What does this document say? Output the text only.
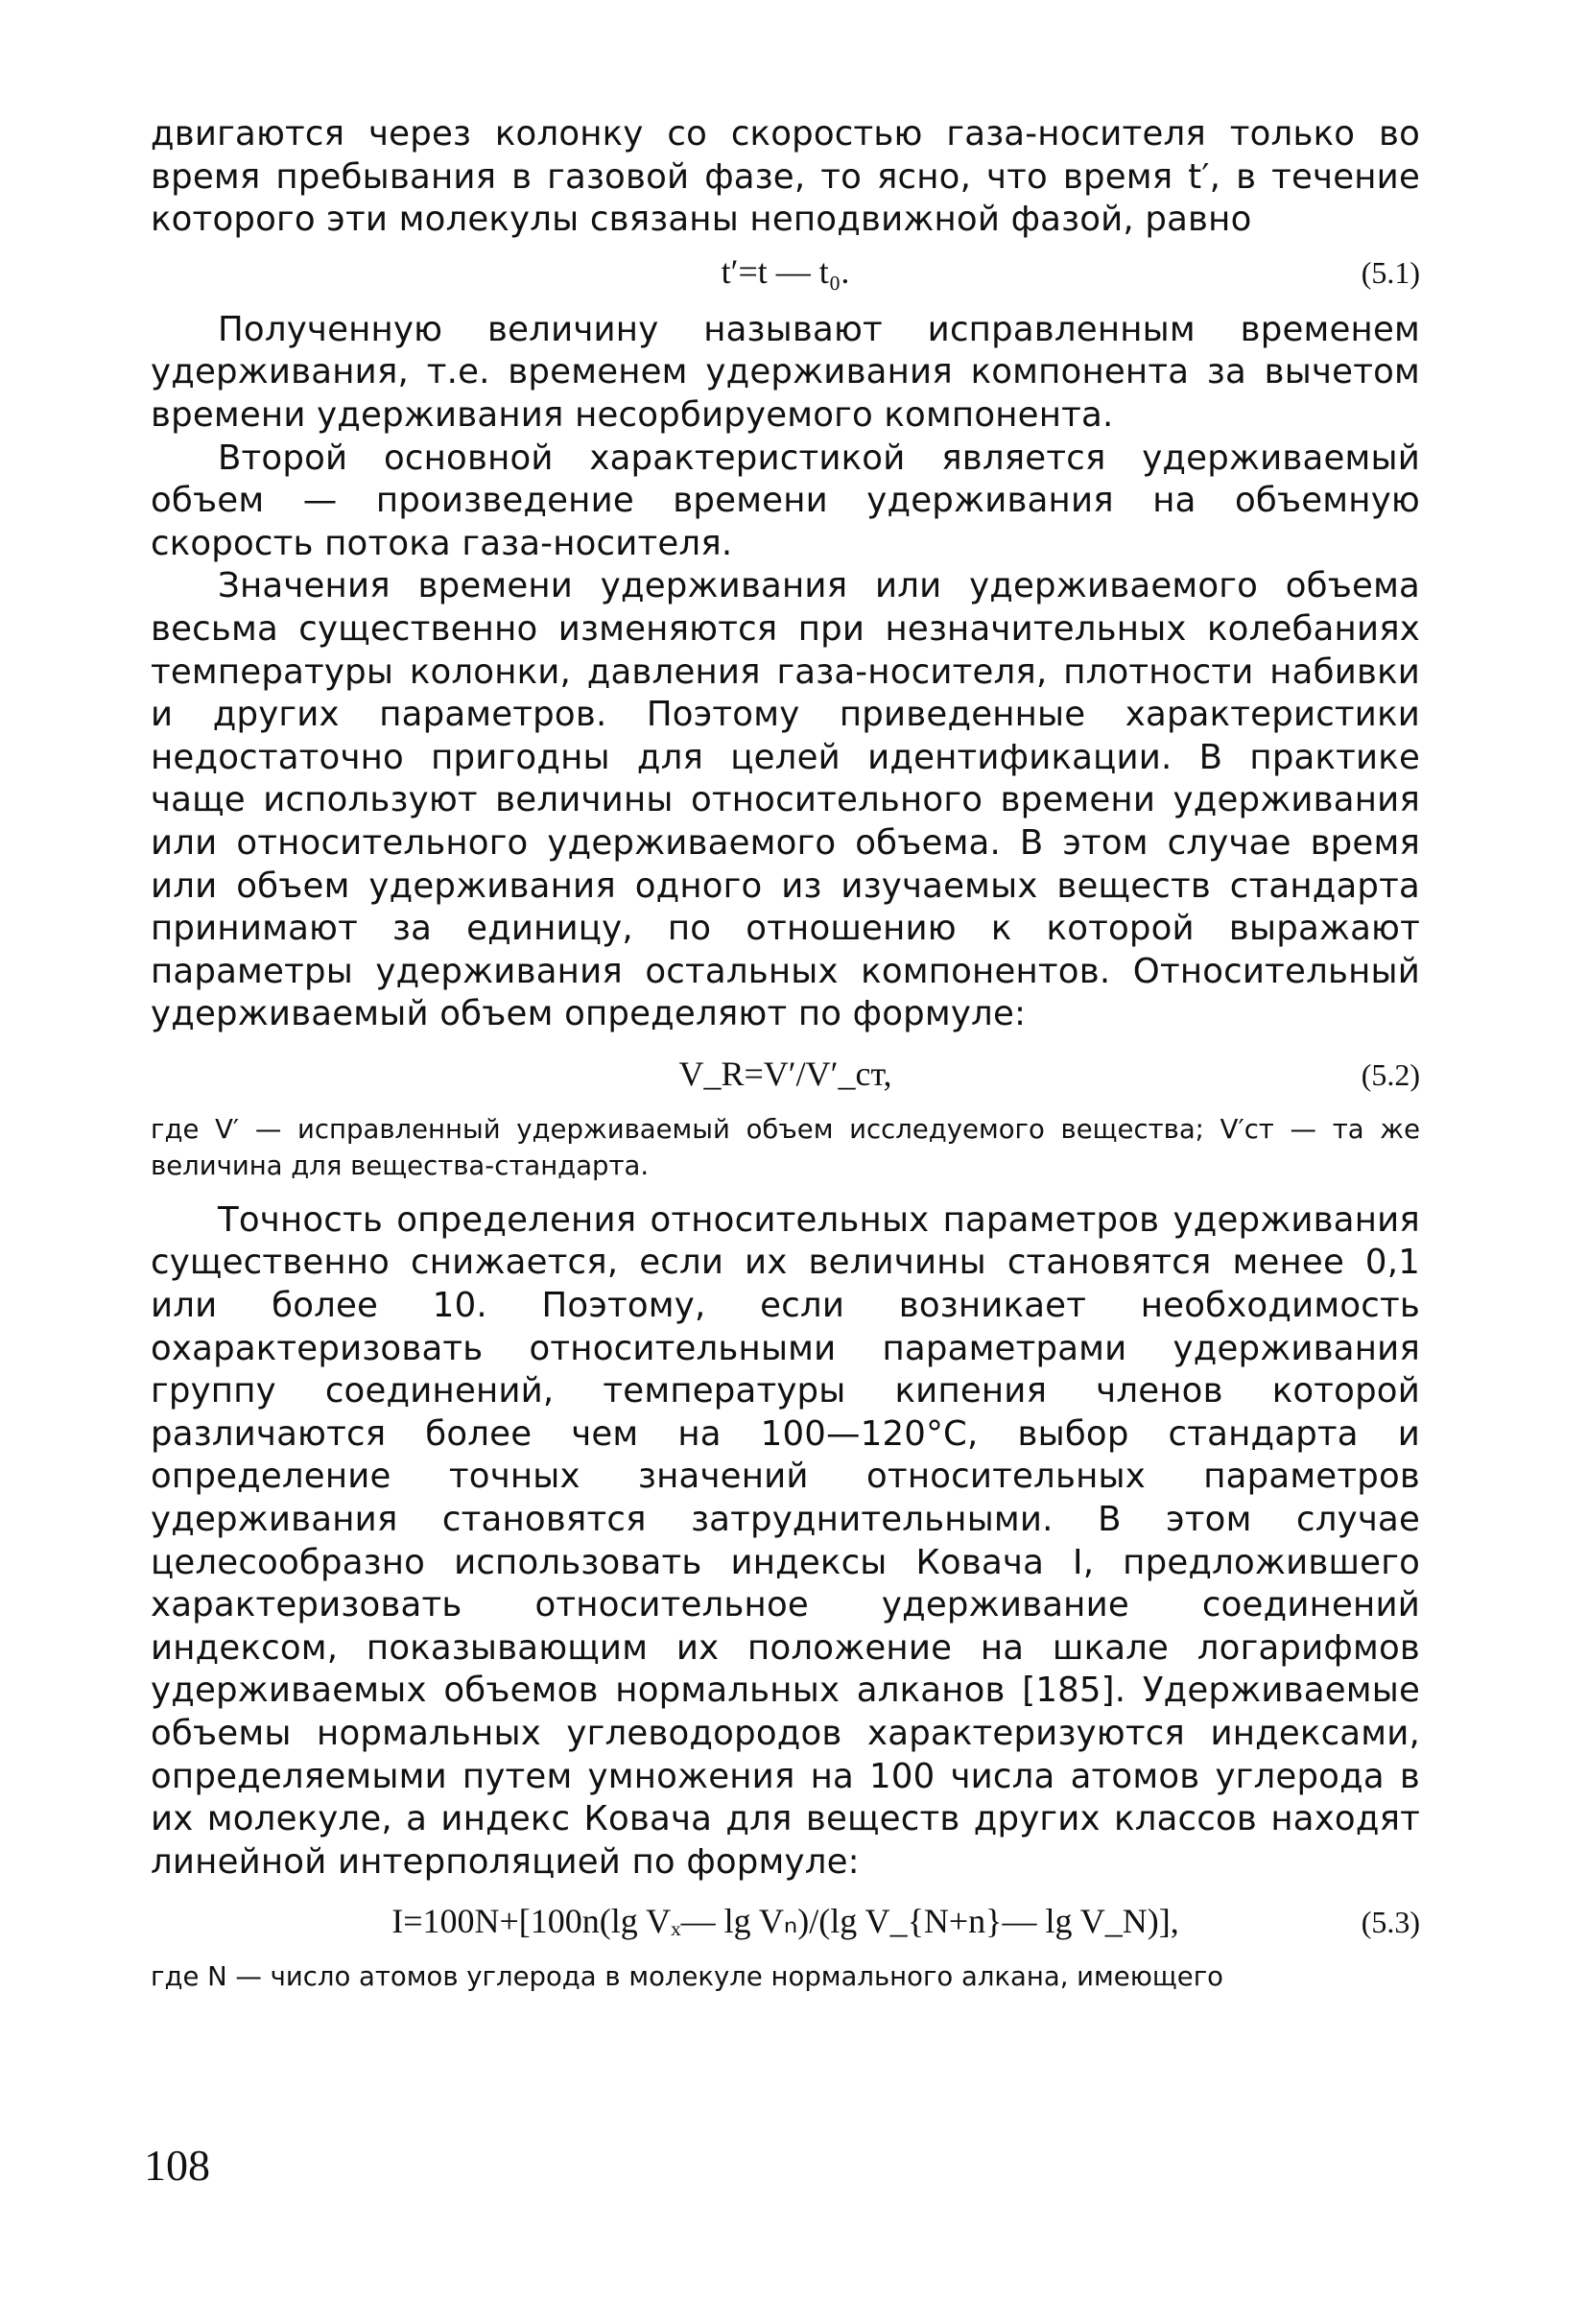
двигаются через колонку со скоростью газа-носителя только во время пребывания в газовой фазе, то ясно, что время t′, в течение которого эти молекулы связаны неподвижной фазой, равно

t′=t — t₀.	(5.1)

Полученную величину называют исправленным временем удерживания, т.е. временем удерживания компонента за вычетом времени удерживания несорбируемого компонента.

Второй основной характеристикой является удерживаемый объем — произведение времени удерживания на объемную скорость потока газа-носителя.

Значения времени удерживания или удерживаемого объема весьма существенно изменяются при незначительных колебаниях температуры колонки, давления газа-носителя, плотности набивки и других параметров. Поэтому приведенные характеристики недостаточно пригодны для целей идентификации. В практике чаще используют величины относительного времени удерживания или относительного удерживаемого объема. В этом случае время или объем удерживания одного из изучаемых веществ стандарта принимают за единицу, по отношению к которой выражают параметры удерживания остальных компонентов. Относительный удерживаемый объем определяют по формуле:

V_R=V′/V′_ст,	(5.2)

где V′ — исправленный удерживаемый объем исследуемого вещества; V′ст — та же величина для вещества-стандарта.

Точность определения относительных параметров удерживания существенно снижается, если их величины становятся менее 0,1 или более 10. Поэтому, если возникает необходимость охарактеризовать относительными параметрами удерживания группу соединений, температуры кипения членов которой различаются более чем на 100—120°C, выбор стандарта и определение точных значений относительных параметров удерживания становятся затруднительными. В этом случае целесообразно использовать индексы Ковача I, предложившего характеризовать относительное удерживание соединений индексом, показывающим их положение на шкале логарифмов удерживаемых объемов нормальных алканов [185]. Удерживаемые объемы нормальных углеводородов характеризуются индексами, определяемыми путем умножения на 100 числа атомов углерода в их молекуле, а индекс Ковача для веществ других классов находят линейной интерполяцией по формуле:

I=100N+[100n(lg Vₓ— lg Vₙ)/(lg V_{N+n}— lg V_N)],	(5.3)

где N — число атомов углерода в молекуле нормального алкана, имеющего

108
